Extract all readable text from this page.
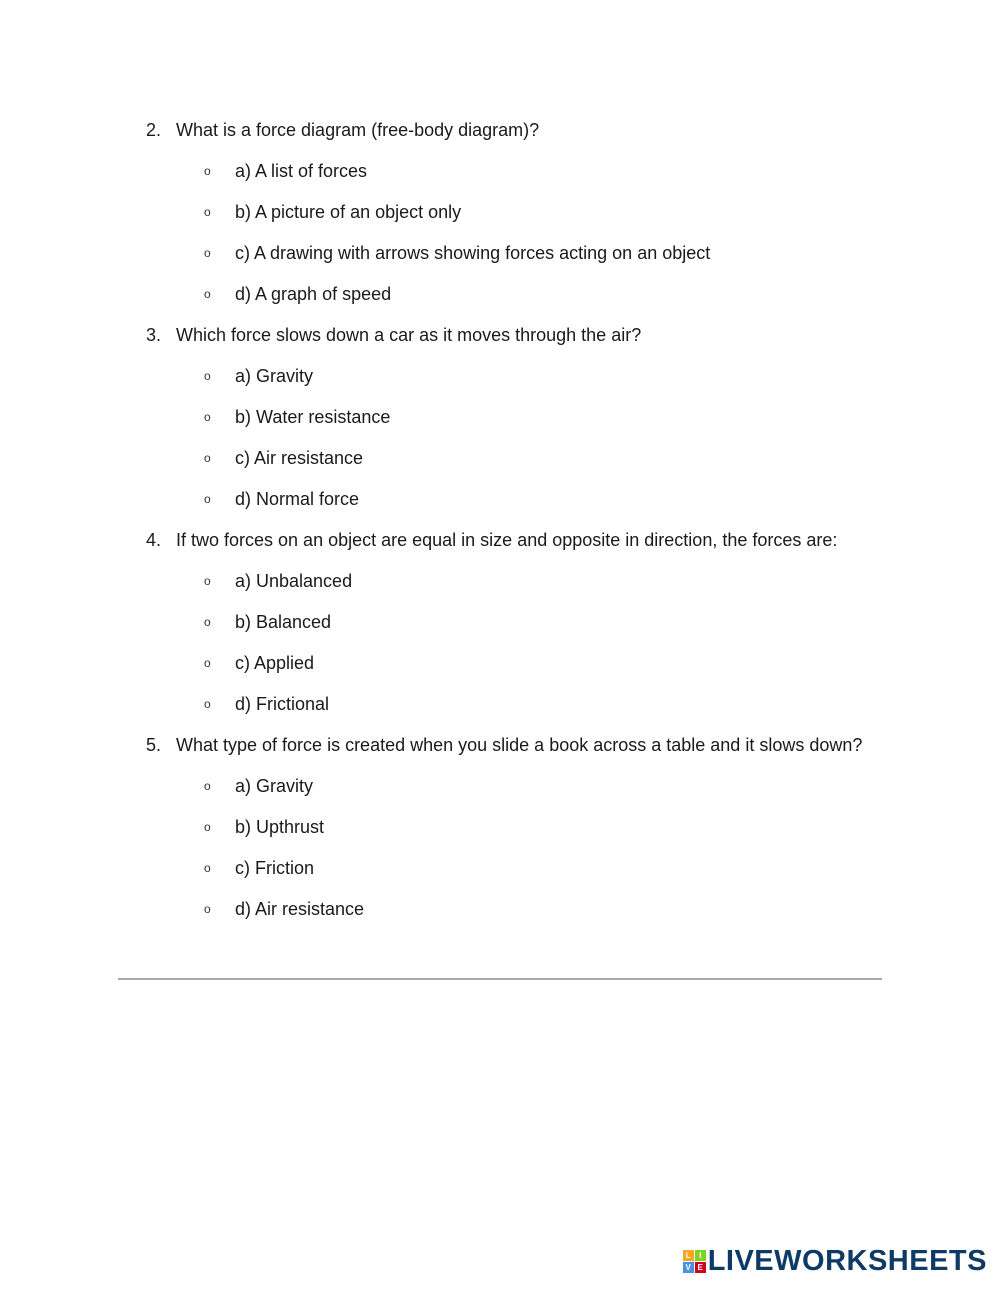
2. What is a force diagram (free-body diagram)?
o	a) A list of forces
o	b) A picture of an object only
o	c) A drawing with arrows showing forces acting on an object
o	d) A graph of speed
3. Which force slows down a car as it moves through the air?
o	a) Gravity
o	b) Water resistance
o	c) Air resistance
o	d) Normal force
4. If two forces on an object are equal in size and opposite in direction, the forces are:
o	a) Unbalanced
o	b) Balanced
o	c) Applied
o	d) Frictional
5. What type of force is created when you slide a book across a table and it slows down?
o	a) Gravity
o	b) Upthrust
o	c) Friction
o	d) Air resistance
L	I
V E LIVEWORKSHEETS
